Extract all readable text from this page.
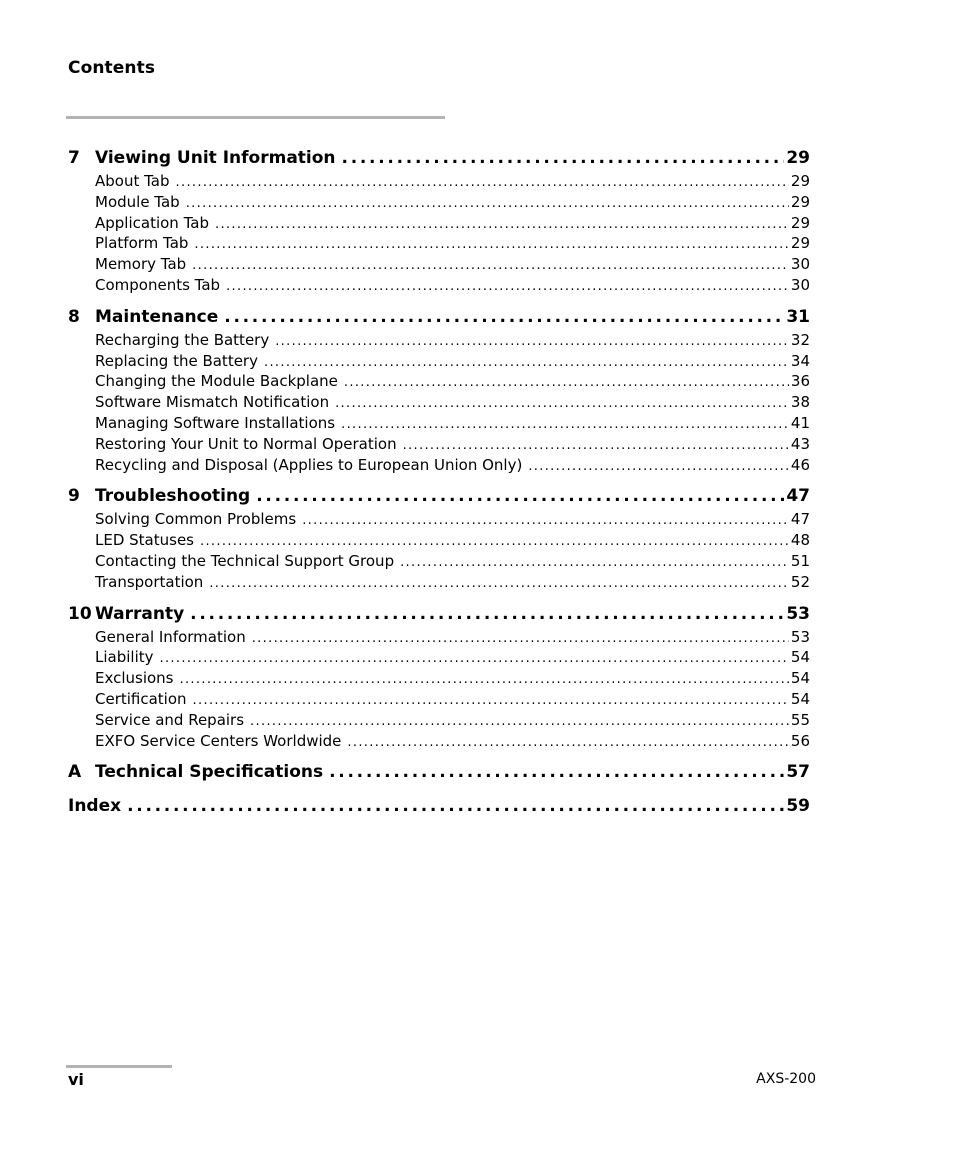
Contents
7 Viewing Unit Information . . .	29
About Tab . . .	29
Module Tab . . .	29
Application Tab . . .	29
Platform Tab . . .	29
Memory Tab . . .	30
Components Tab . . .	30
8 Maintenance . . .	31
Recharging the Battery . . .	32
Replacing the Battery . . .	34
Changing the Module Backplane . . .	36
Software Mismatch Notification . . .	38
Managing Software Installations . . .	41
Restoring Your Unit to Normal Operation . . .	43
Recycling and Disposal (Applies to European Union Only) . . .	46
9 Troubleshooting . . .	47
Solving Common Problems . . .	47
LED Statuses . . .	48
Contacting the Technical Support Group . . .	51
Transportation . . .	52
10 Warranty . . .	53
General Information . . .	53
Liability . . .	54
Exclusions . . .	54
Certification . . .	54
Service and Repairs . . .	55
EXFO Service Centers Worldwide . . .	56
A Technical Specifications . . .	57
Index . . .	59
vi	AXS-200
